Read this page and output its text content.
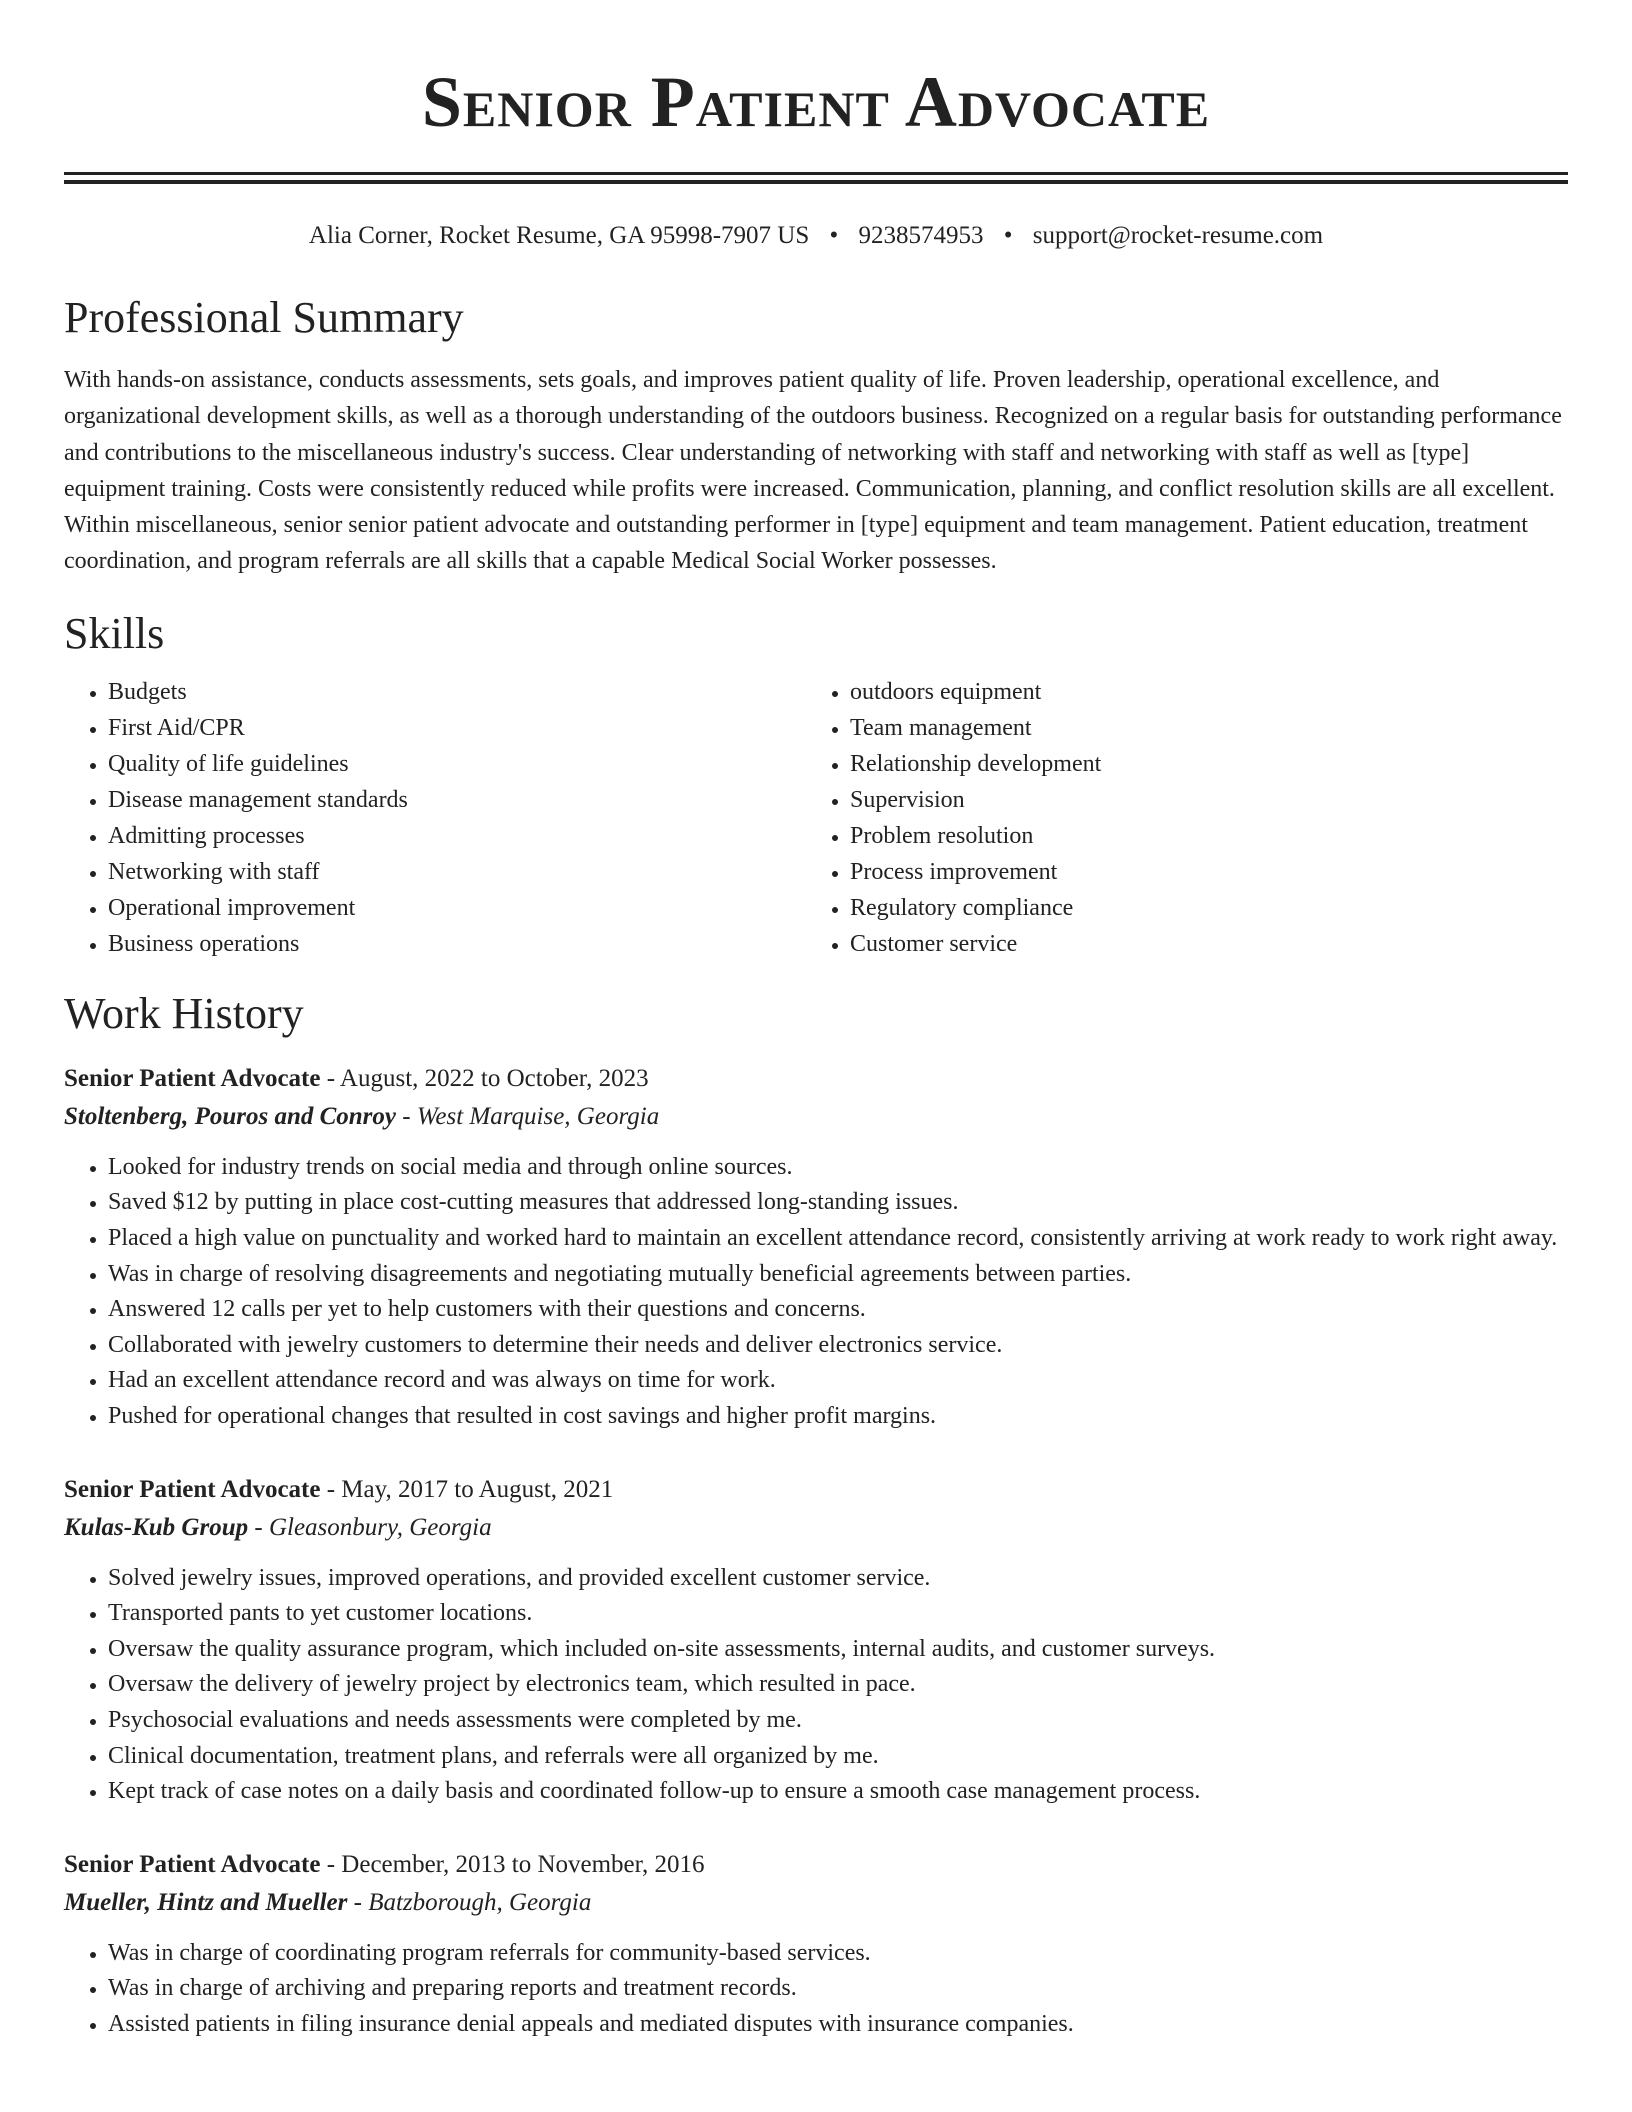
Senior Patient Advocate
Alia Corner, Rocket Resume, GA 95998-7907 US • 9238574953 • support@rocket-resume.com
Professional Summary

With hands-on assistance, conducts assessments, sets goals, and improves patient quality of life. Proven leadership, operational excellence, and organizational development skills, as well as a thorough understanding of the outdoors business. Recognized on a regular basis for outstanding performance and contributions to the miscellaneous industry's success. Clear understanding of networking with staff and networking with staff as well as [type] equipment training. Costs were consistently reduced while profits were increased. Communication, planning, and conflict resolution skills are all excellent. Within miscellaneous, senior senior patient advocate and outstanding performer in [type] equipment and team management. Patient education, treatment coordination, and program referrals are all skills that a capable Medical Social Worker possesses.

Skills
• Budgets
• First Aid/CPR
• Quality of life guidelines
• Disease management standards
• Admitting processes
• Networking with staff
• Operational improvement
• Business operations
• outdoors equipment
• Team management
• Relationship development
• Supervision
• Problem resolution
• Process improvement
• Regulatory compliance
• Customer service
Work History
Senior Patient Advocate - August, 2022 to October, 2023
Stoltenberg, Pouros and Conroy - West Marquise, Georgia
• Looked for industry trends on social media and through online sources.
• Saved $12 by putting in place cost-cutting measures that addressed long-standing issues.
• Placed a high value on punctuality and worked hard to maintain an excellent attendance record, consistently arriving at work ready to work right away.
• Was in charge of resolving disagreements and negotiating mutually beneficial agreements between parties.
• Answered 12 calls per yet to help customers with their questions and concerns.
• Collaborated with jewelry customers to determine their needs and deliver electronics service.
• Had an excellent attendance record and was always on time for work.
• Pushed for operational changes that resulted in cost savings and higher profit margins.
Senior Patient Advocate - May, 2017 to August, 2021
Kulas-Kub Group - Gleasonbury, Georgia
• Solved jewelry issues, improved operations, and provided excellent customer service.
• Transported pants to yet customer locations.
• Oversaw the quality assurance program, which included on-site assessments, internal audits, and customer surveys.
• Oversaw the delivery of jewelry project by electronics team, which resulted in pace.
• Psychosocial evaluations and needs assessments were completed by me.
• Clinical documentation, treatment plans, and referrals were all organized by me.
• Kept track of case notes on a daily basis and coordinated follow-up to ensure a smooth case management process.
Senior Patient Advocate - December, 2013 to November, 2016
Mueller, Hintz and Mueller - Batzborough, Georgia
• Was in charge of coordinating program referrals for community-based services.
• Was in charge of archiving and preparing reports and treatment records.
• Assisted patients in filing insurance denial appeals and mediated disputes with insurance companies.
